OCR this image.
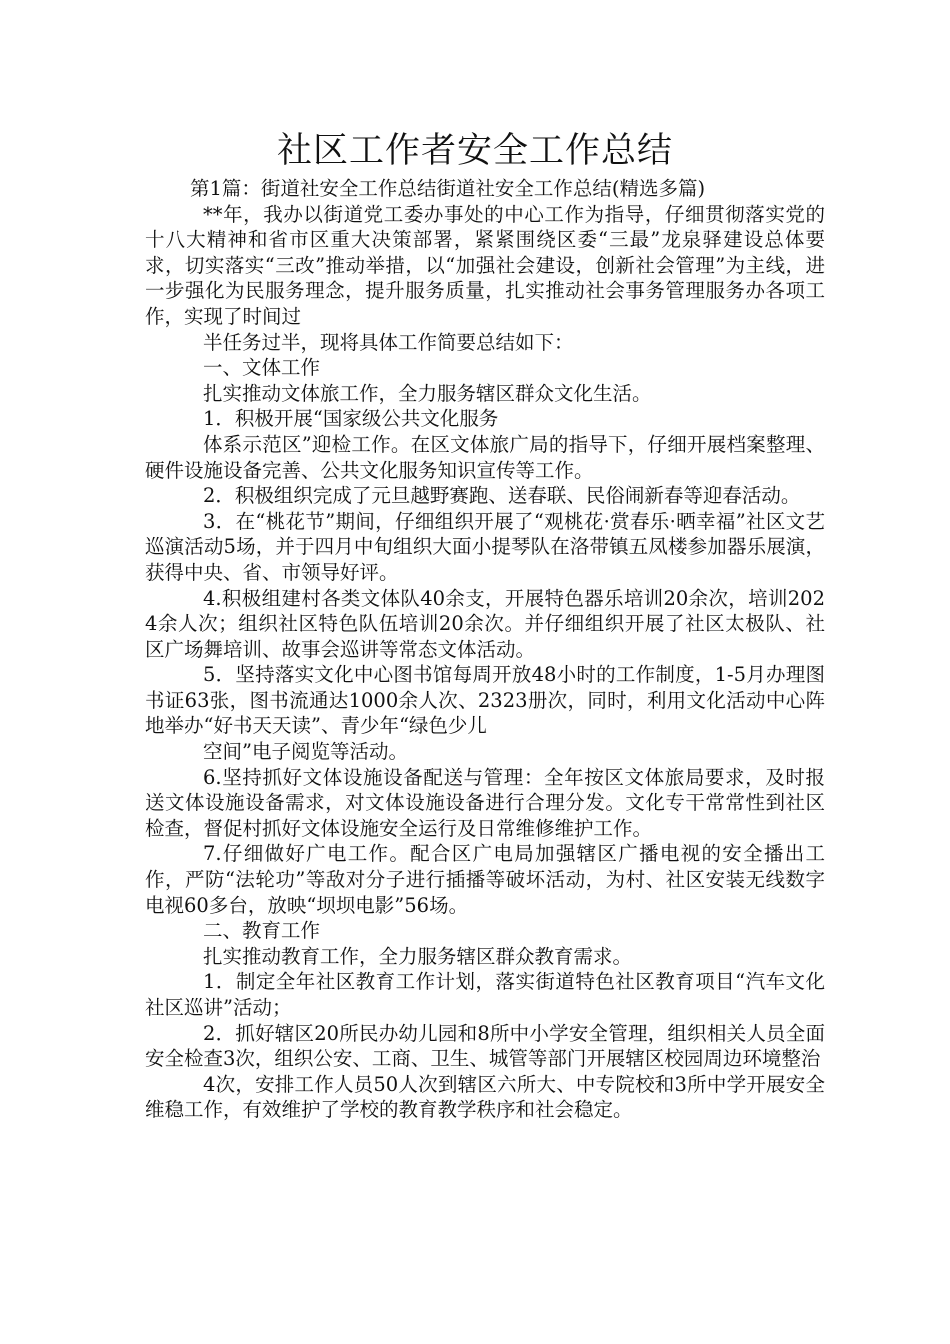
社区工作者安全工作总结

第1篇：街道社安全工作总结街道社安全工作总结(精选多篇)

**年，我办以街道党工委办事处的中心工作为指导，仔细贯彻落实党的十八大精神和省市区重大决策部署，紧紧围绕区委“三最”龙泉驿建设总体要求，切实落实“三改”推动举措，以“加强社会建设，创新社会管理”为主线，进一步强化为民服务理念，提升服务质量，扎实推动社会事务管理服务办各项工作，实现了时间过

半任务过半，现将具体工作简要总结如下：

一、文体工作

扎实推动文体旅工作，全力服务辖区群众文化生活。

1．积极开展“国家级公共文化服务

体系示范区”迎检工作。在区文体旅广局的指导下，仔细开展档案整理、硬件设施设备完善、公共文化服务知识宣传等工作。

2．积极组织完成了元旦越野赛跑、送春联、民俗闹新春等迎春活动。

3．在“桃花节”期间，仔细组织开展了“观桃花·赏春乐·晒幸福”社区文艺巡演活动5场，并于四月中旬组织大面小提琴队在洛带镇五凤楼参加器乐展演，获得中央、省、市领导好评。

4.积极组建村各类文体队40余支，开展特色器乐培训20余次，培训2024余人次；组织社区特色队伍培训20余次。并仔细组织开展了社区太极队、社区广场舞培训、故事会巡讲等常态文体活动。

5．坚持落实文化中心图书馆每周开放48小时的工作制度，1-5月办理图书证63张，图书流通达1000余人次、2323册次，同时，利用文化活动中心阵地举办“好书天天读”、青少年“绿色少儿

空间”电子阅览等活动。

6.坚持抓好文体设施设备配送与管理：全年按区文体旅局要求，及时报送文体设施设备需求，对文体设施设备进行合理分发。文化专干常常性到社区检查，督促村抓好文体设施安全运行及日常维修维护工作。

7.仔细做好广电工作。配合区广电局加强辖区广播电视的安全播出工作，严防“法轮功”等敌对分子进行插播等破坏活动，为村、社区安装无线数字电视60多台，放映“坝坝电影”56场。

二、教育工作

扎实推动教育工作，全力服务辖区群众教育需求。

1．制定全年社区教育工作计划，落实街道特色社区教育项目“汽车文化社区巡讲”活动；

2．抓好辖区20所民办幼儿园和8所中小学安全管理，组织相关人员全面安全检查3次，组织公安、工商、卫生、城管等部门开展辖区校园周边环境整治

4次，安排工作人员50人次到辖区六所大、中专院校和3所中学开展安全维稳工作，有效维护了学校的教育教学秩序和社会稳定。
